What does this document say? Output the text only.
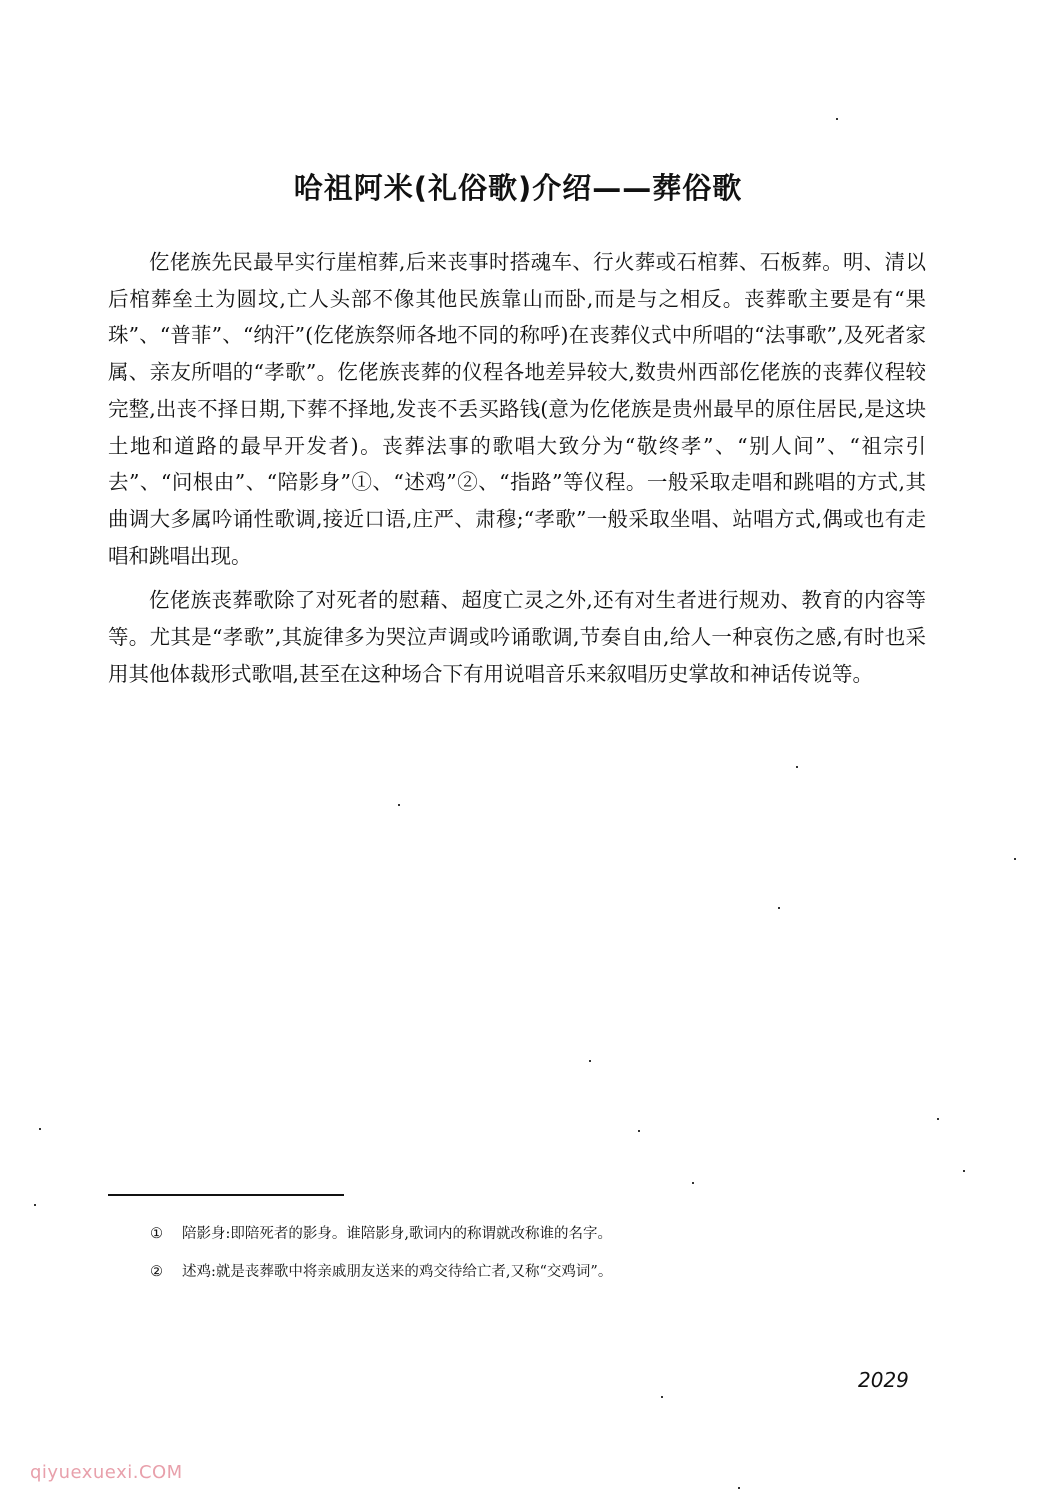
哈祖阿米(礼俗歌)介绍——葬俗歌

仡佬族先民最早实行崖棺葬,后来丧事时搭魂车、行火葬或石棺葬、石板葬。明、清以后棺葬垒土为圆坟,亡人头部不像其他民族靠山而卧,而是与之相反。丧葬歌主要是有“果珠”、“普菲”、“纳汗”(仡佬族祭师各地不同的称呼)在丧葬仪式中所唱的“法事歌”,及死者家属、亲友所唱的“孝歌”。仡佬族丧葬的仪程各地差异较大,数贵州西部仡佬族的丧葬仪程较完整,出丧不择日期,下葬不择地,发丧不丢买路钱(意为仡佬族是贵州最早的原住居民,是这块土地和道路的最早开发者)。丧葬法事的歌唱大致分为“敬终孝”、“别人间”、“祖宗引去”、“问根由”、“陪影身”①、“述鸡”②、“指路”等仪程。一般采取走唱和跳唱的方式,其曲调大多属吟诵性歌调,接近口语,庄严、肃穆;“孝歌”一般采取坐唱、站唱方式,偶或也有走唱和跳唱出现。

仡佬族丧葬歌除了对死者的慰藉、超度亡灵之外,还有对生者进行规劝、教育的内容等等。尤其是“孝歌”,其旋律多为哭泣声调或吟诵歌调,节奏自由,给人一种哀伤之感,有时也采用其他体裁形式歌唱,甚至在这种场合下有用说唱音乐来叙唱历史掌故和神话传说等。

①	陪影身:即陪死者的影身。谁陪影身,歌词内的称谓就改称谁的名字。
②	述鸡:就是丧葬歌中将亲戚朋友送来的鸡交待给亡者,又称“交鸡词”。
2029
qiyuexuexi.COM
